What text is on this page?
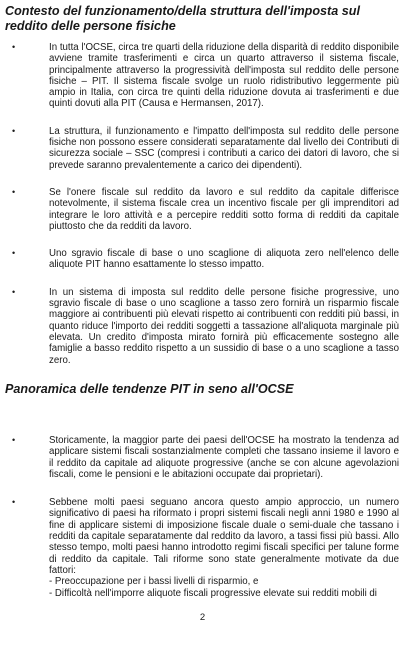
Contesto del funzionamento/della struttura dell'imposta sul reddito delle persone fisiche
•	In tutta l'OCSE, circa tre quarti della riduzione della disparità di reddito disponibile avviene tramite trasferimenti e circa un quarto attraverso il sistema fiscale, principalmente attraverso la progressività dell'imposta sul reddito delle persone fisiche – PIT. Il sistema fiscale svolge un ruolo ridistributivo leggermente più ampio in Italia, con circa tre quinti della riduzione dovuta ai trasferimenti e due quinti dovuti alla PIT (Causa e Hermansen, 2017).
•	La struttura, il funzionamento e l'impatto dell'imposta sul reddito delle persone fisiche non possono essere considerati separatamente dal livello dei Contributi di sicurezza sociale – SSC (compresi i contributi a carico dei datori di lavoro, che si prevede saranno prevalentemente a carico dei dipendenti).
•	Se l'onere fiscale sul reddito da lavoro e sul reddito da capitale differisce notevolmente, il sistema fiscale crea un incentivo fiscale per gli imprenditori ad integrare le loro attività e a percepire redditi sotto forma di redditi da capitale piuttosto che da redditi da lavoro.
•	Uno sgravio fiscale di base o uno scaglione di aliquota zero nell'elenco delle aliquote PIT hanno esattamente lo stesso impatto.
•	In un sistema di imposta sul reddito delle persone fisiche progressive, uno sgravio fiscale di base o uno scaglione a tasso zero fornirà un risparmio fiscale maggiore ai contribuenti più elevati rispetto ai contribuenti con redditi più bassi, in quanto riduce l'importo dei redditi soggetti a tassazione all'aliquota marginale più elevata. Un credito d'imposta mirato fornirà più efficacemente sostegno alle famiglie a basso reddito rispetto a un sussidio di base o a uno scaglione a tasso zero.
Panoramica delle tendenze PIT in seno all'OCSE
•	Storicamente, la maggior parte dei paesi dell'OCSE ha mostrato la tendenza ad applicare sistemi fiscali sostanzialmente completi che tassano insieme il lavoro e il reddito da capitale ad aliquote progressive (anche se con alcune agevolazioni fiscali, come le pensioni e le abitazioni occupate dai proprietari).
•	Sebbene molti paesi seguano ancora questo ampio approccio, un numero significativo di paesi ha riformato i propri sistemi fiscali negli anni 1980 e 1990 al fine di applicare sistemi di imposizione fiscale duale o semi-duale che tassano i redditi da capitale separatamente dal reddito da lavoro, a tassi fissi più bassi. Allo stesso tempo, molti paesi hanno introdotto regimi fiscali specifici per talune forme di reddito da capitale. Tali riforme sono state generalmente motivate da due fattori:
- Preoccupazione per i bassi livelli di risparmio, e
- Difficoltà nell'imporre aliquote fiscali progressive elevate sui redditi mobili di
2
